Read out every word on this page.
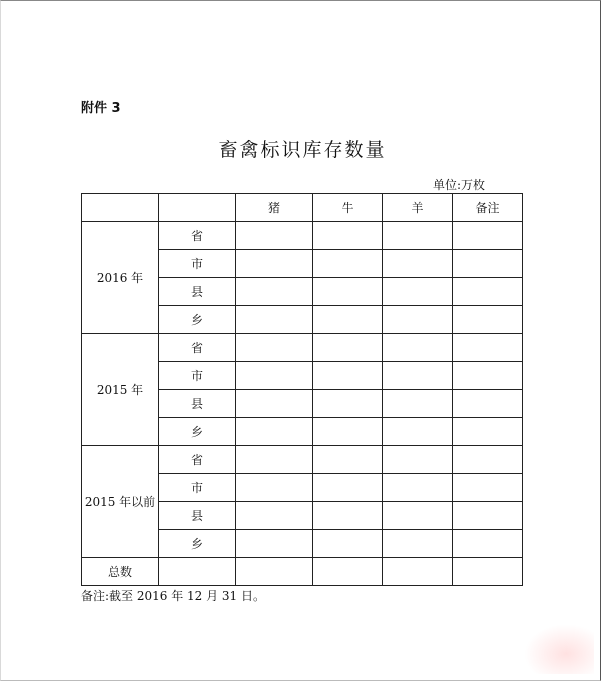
附件 3
畜禽标识库存数量
单位:万枚
		猪	牛	羊	备注
2016 年	省				
	市				
	县				
	乡				
2015 年	省				
	市				
	县				
	乡				
2015 年以前	省				
	市				
	县				
	乡				
总数					
备注:截至 2016 年 12 月 31 日。
